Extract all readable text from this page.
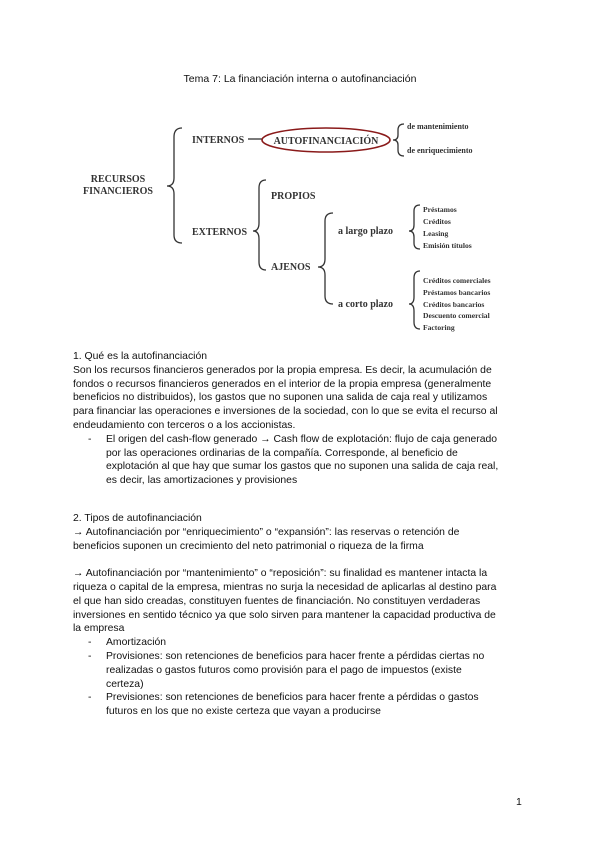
Tema 7: La financiación interna o autofinanciación
RECURSOS
FINANCIEROS
INTERNOS	AUTOFINANCIACIÓN
de mantenimiento
de enriquecimiento
EXTERNOS
PROPIOS
AJENOS
a largo plazo
Préstamos
Créditos
Leasing
Emisión títulos
a corto plazo
Créditos comerciales
Préstamos bancarios
Créditos bancarios
Descuento comercial
Factoring

1. Qué es la autofinanciación

Son los recursos financieros generados por la propia empresa. Es decir, la acumulación de

fondos o recursos financieros generados en el interior de la propia empresa (generalmente

beneficios no distribuidos), los gastos que no suponen una salida de caja real y utilizamos

para financiar las operaciones e inversiones de la sociedad, con lo que se evita el recurso al

endeudamiento con terceros o a los accionistas.

-	El origen del cash-flow generado → Cash flow de explotación: flujo de caja generado

por las operaciones ordinarias de la compañía. Corresponde, al beneficio de

explotación al que hay que sumar los gastos que no suponen una salida de caja real,

es decir, las amortizaciones y provisiones

2. Tipos de autofinanciación

→ Autofinanciación por “enriquecimiento” o “expansión”: las reservas o retención de

beneficios suponen un crecimiento del neto patrimonial o riqueza de la firma

→ Autofinanciación por “mantenimiento” o “reposición”: su finalidad es mantener intacta la

riqueza o capital de la empresa, mientras no surja la necesidad de aplicarlas al destino para

el que han sido creadas, constituyen fuentes de financiación. No constituyen verdaderas

inversiones en sentido técnico ya que solo sirven para mantener la capacidad productiva de

la empresa

-	Amortización

-	Provisiones: son retenciones de beneficios para hacer frente a pérdidas ciertas no

realizadas o gastos futuros como provisión para el pago de impuestos (existe

certeza)

-	Previsiones: son retenciones de beneficios para hacer frente a pérdidas o gastos

futuros en los que no existe certeza que vayan a producirse

1
